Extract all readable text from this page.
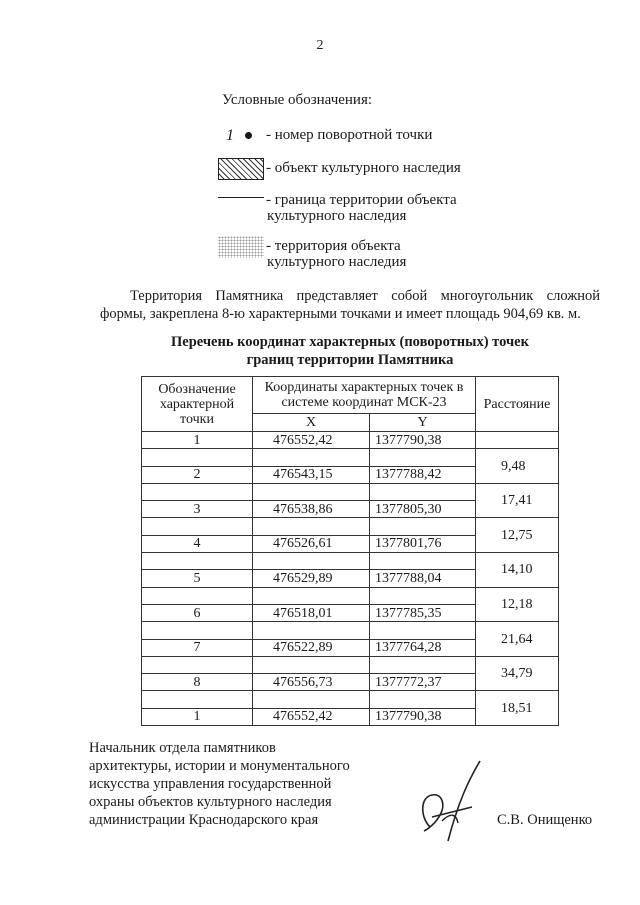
2
Условные обозначения:
1 - номер поворотной точки
- объект культурного наследия
- граница территории объекта
культурного наследия
- территория объекта
культурного наследия
Территория Памятника представляет собой многоугольник сложной
формы, закреплена 8-ю характерными точками и имеет площадь 904,69 кв. м.
Перечень координат характерных (поворотных) точек
границ территории Памятника
Обозначение характерной точки	Координаты характерных точек в системе координат МСК-23		Расстояние
	X	Y	
1	476552,42	1377790,38	
			9,48
2	476543,15	1377788,42	
			17,41
3	476538,86	1377805,30	
			12,75
4	476526,61	1377801,76	
			14,10
5	476529,89	1377788,04	
			12,18
6	476518,01	1377785,35	
			21,64
7	476522,89	1377764,28	
			34,79
8	476556,73	1377772,37	
			18,51
1	476552,42	1377790,38	
Начальник отдела памятников
архитектуры, истории и монументального
искусства управления государственной
охраны объектов культурного наследия
администрации Краснодарского края	С.В. Онищенко
